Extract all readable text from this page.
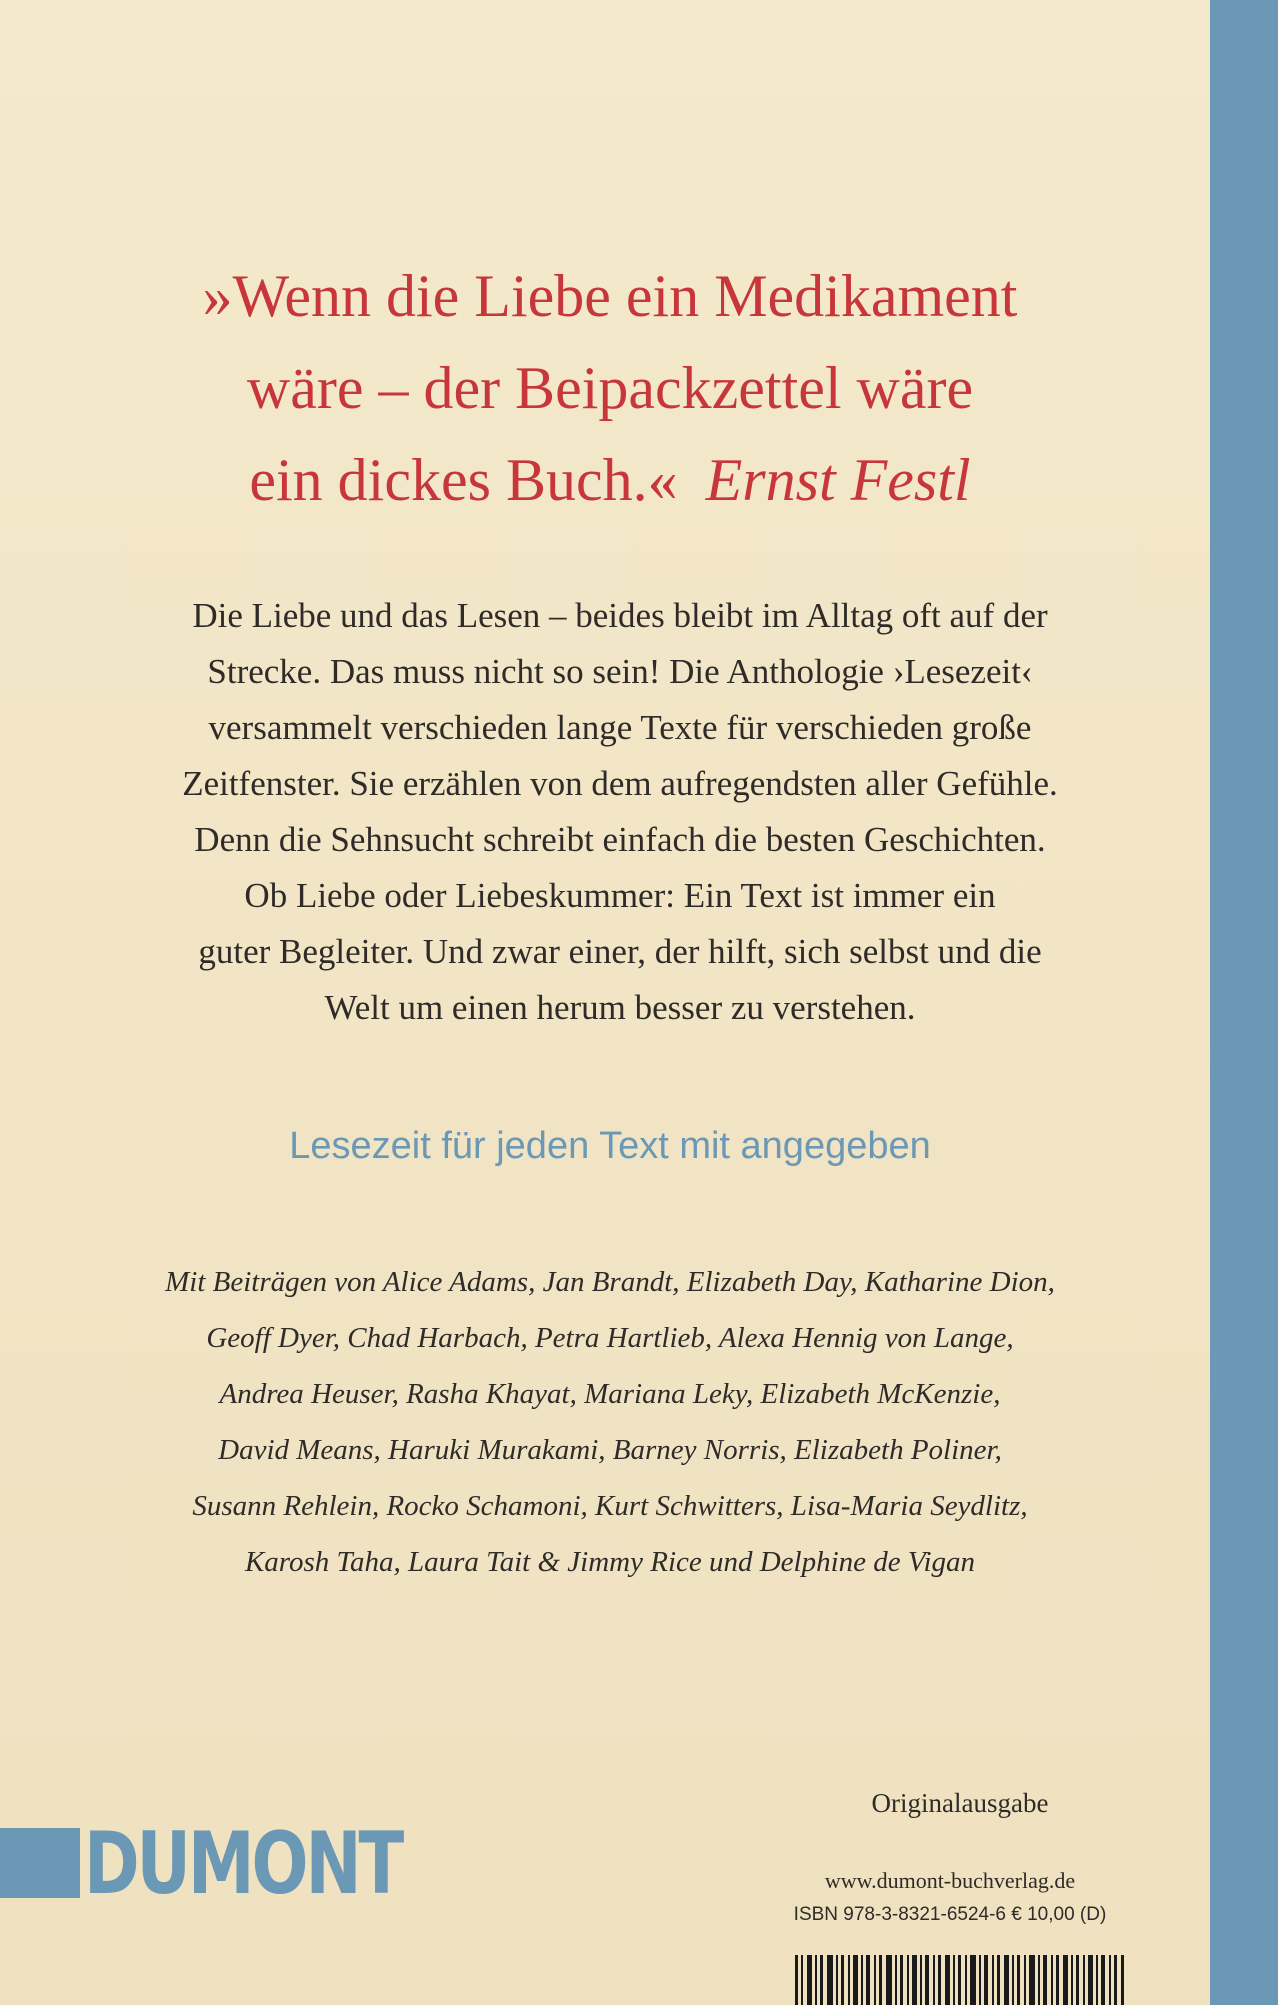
»Wenn die Liebe ein Medikament
wäre – der Beipackzettel wäre
ein dickes Buch.« Ernst Festl
Die Liebe und das Lesen – beides bleibt im Alltag oft auf der
Strecke. Das muss nicht so sein! Die Anthologie ›Lesezeit‹
versammelt verschieden lange Texte für verschieden große
Zeitfenster. Sie erzählen von dem aufregendsten aller Gefühle.
Denn die Sehnsucht schreibt einfach die besten Geschichten.
Ob Liebe oder Liebeskummer: Ein Text ist immer ein
guter Begleiter. Und zwar einer, der hilft, sich selbst und die
Welt um einen herum besser zu verstehen.
Lesezeit für jeden Text mit angegeben
Mit Beiträgen von Alice Adams, Jan Brandt, Elizabeth Day, Katharine Dion,
Geoff Dyer, Chad Harbach, Petra Hartlieb, Alexa Hennig von Lange,
Andrea Heuser, Rasha Khayat, Mariana Leky, Elizabeth McKenzie,
David Means, Haruki Murakami, Barney Norris, Elizabeth Poliner,
Susann Rehlein, Rocko Schamoni, Kurt Schwitters, Lisa-Maria Seydlitz,
Karosh Taha, Laura Tait & Jimmy Rice und Delphine de Vigan
Originalausgabe
DUMONT	www.dumont-buchverlag.de
ISBN 978-3-8321-6524-6 € 10,00 (D)
